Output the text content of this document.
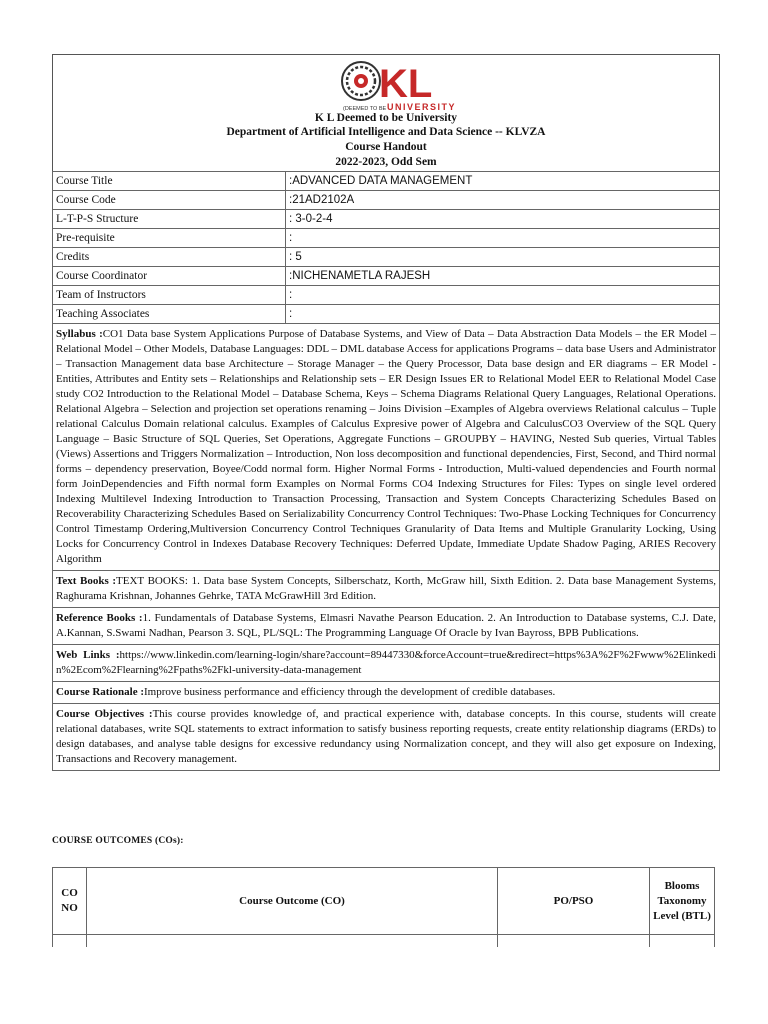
KL
(DEEMED TO BE UNIVERSITY
K L Deemed to be University
Department of Artificial Intelligence and Data Science -- KLVZA
Course Handout
2022-2023, Odd Sem
Course Title	:ADVANCED DATA MANAGEMENT
Course Code	:21AD2102A
L-T-P-S Structure	: 3-0-2-4
Pre-requisite	:
Credits	: 5
Course Coordinator	:NICHENAMETLA RAJESH
Team of Instructors	:
Teaching Associates	:
Syllabus :CO1 Data base System Applications Purpose of Database Systems, and View of Data – Data Abstraction Data Models – the ER Model – Relational Model – Other Models, Database Languages: DDL – DML database Access for applications Programs – data base Users and Administrator – Transaction Management data base Architecture – Storage Manager – the Query Processor, Data base design and ER diagrams – ER Model - Entities, Attributes and Entity sets – Relationships and Relationship sets – ER Design Issues ER to Relational Model EER to Relational Model Case study CO2 Introduction to the Relational Model – Database Schema, Keys – Schema Diagrams Relational Query Languages, Relational Operations. Relational Algebra – Selection and projection set operations renaming – Joins Division –Examples of Algebra overviews Relational calculus – Tuple relational Calculus Domain relational calculus. Examples of Calculus Expresive power of Algebra and CalculusCO3 Overview of the SQL Query Language – Basic Structure of SQL Queries, Set Operations, Aggregate Functions – GROUPBY – HAVING, Nested Sub queries, Virtual Tables (Views) Assertions and Triggers Normalization – Introduction, Non loss decomposition and functional dependencies, First, Second, and Third normal forms – dependency preservation, Boyee/Codd normal form. Higher Normal Forms - Introduction, Multi-valued dependencies and Fourth normal form JoinDependencies and Fifth normal form Examples on Normal Forms CO4 Indexing Structures for Files: Types on single level ordered Indexing Multilevel Indexing Introduction to Transaction Processing, Transaction and System Concepts Characterizing Schedules Based on Recoverability Characterizing Schedules Based on Serializability Concurrency Control Techniques: Two-Phase Locking Techniques for Concurrency Control Timestamp Ordering,Multiversion Concurrency Control Techniques Granularity of Data Items and Multiple Granularity Locking, Using Locks for Concurrency Control in Indexes Database Recovery Techniques: Deferred Update, Immediate Update Shadow Paging, ARIES Recovery Algorithm
Text Books :TEXT BOOKS: 1. Data base System Concepts, Silberschatz, Korth, McGraw hill, Sixth Edition. 2. Data base Management Systems, Raghurama Krishnan, Johannes Gehrke, TATA McGrawHill 3rd Edition.
Reference Books :1. Fundamentals of Database Systems, Elmasri Navathe Pearson Education. 2. An Introduction to Database systems, C.J. Date, A.Kannan, S.Swami Nadhan, Pearson 3. SQL, PL/SQL: The Programming Language Of Oracle by Ivan Bayross, BPB Publications.
Web Links :https://www.linkedin.com/learning-login/share?account=89447330&forceAccount=true&redirect=https%3A%2F%2Fwww%2Elinkedin%2Ecom%2Flearning%2Fpaths%2Fkl-university-data-management
Course Rationale :Improve business performance and efficiency through the development of credible databases.
Course Objectives :This course provides knowledge of, and practical experience with, database concepts. In this course, students will create relational databases, write SQL statements to extract information to satisfy business reporting requests, create entity relationship diagrams (ERDs) to design databases, and analyse table designs for excessive redundancy using Normalization concept, and they will also get exposure on Indexing, Transactions and Recovery management.
COURSE OUTCOMES (COs):
CO NO	Course Outcome (CO)	PO/PSO	Blooms Taxonomy Level (BTL)
